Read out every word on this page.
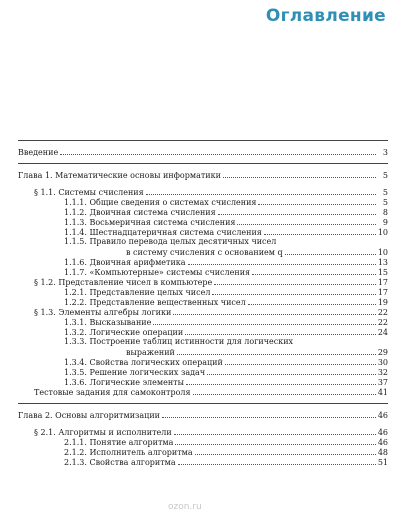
Оглавление
Введение	3
Глава 1. Математические основы информатики	5
§ 1.1. Системы счисления	5
1.1.1. Общие сведения о системах счисления	5
1.1.2. Двоичная система счисления	8
1.1.3. Восьмеричная система счисления	9
1.1.4. Шестнадцатеричная система счисления	10
1.1.5. Правило перевода целых десятичных чисел
в систему счисления с основанием q	10
1.1.6. Двоичная арифметика	13
1.1.7. «Компьютерные» системы счисления	15
§ 1.2. Представление чисел в компьютере	17
1.2.1. Представление целых чисел	17
1.2.2. Представление вещественных чисел	19
§ 1.3. Элементы алгебры логики	22
1.3.1. Высказывание	22
1.3.2. Логические операции	24
1.3.3. Построение таблиц истинности для логических
выражений	29
1.3.4. Свойства логических операций	30
1.3.5. Решение логических задач	32
1.3.6. Логические элементы	37
Тестовые задания для самоконтроля	41
Глава 2. Основы алгоритмизации	46
§ 2.1. Алгоритмы и исполнители	46
2.1.1. Понятие алгоритма	46
2.1.2. Исполнитель алгоритма	48
2.1.3. Свойства алгоритма	51
ozon.ru
